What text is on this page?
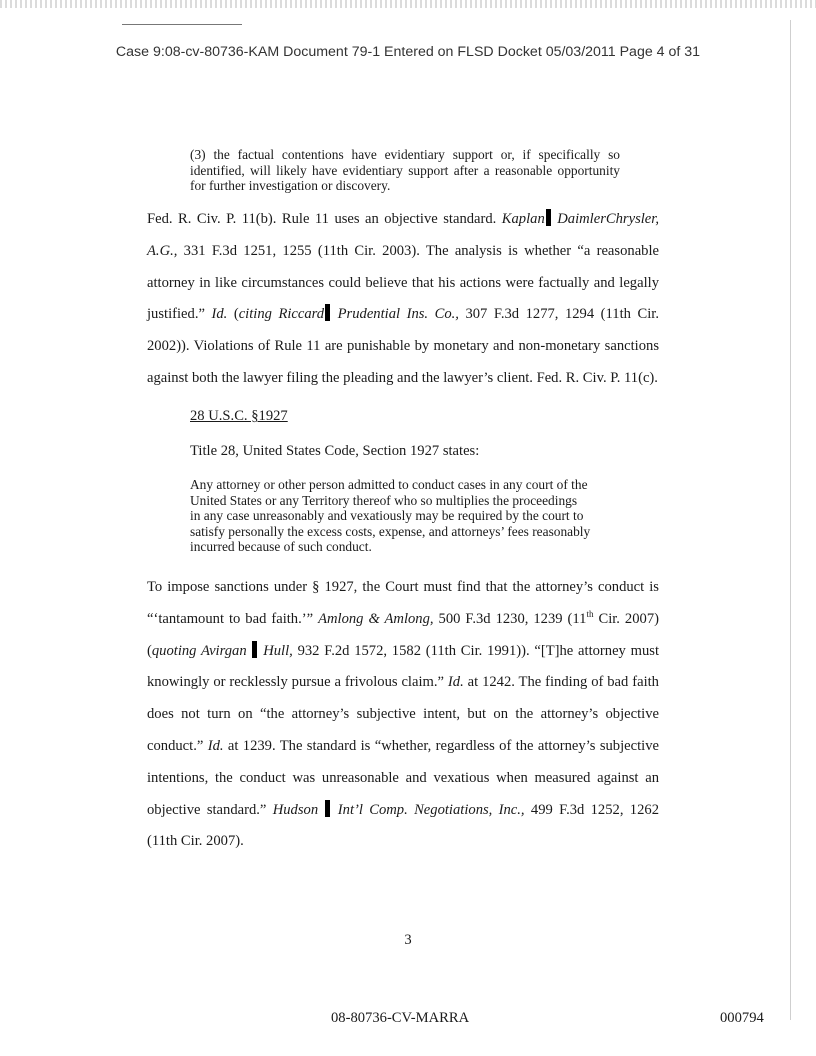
Case 9:08-cv-80736-KAM Document 79-1 Entered on FLSD Docket 05/03/2011 Page 4 of 31

(3) the factual contentions have evidentiary support or, if specifically so identified, will likely have evidentiary support after a reasonable opportunity for further investigation or discovery.

Fed. R. Civ. P. 11(b). Rule 11 uses an objective standard. Kaplan DaimlerChrysler, A.G., 331 F.3d 1251, 1255 (11th Cir. 2003). The analysis is whether “a reasonable attorney in like circumstances could believe that his actions were factually and legally justified.” Id. (citing Riccard Prudential Ins. Co., 307 F.3d 1277, 1294 (11th Cir. 2002)). Violations of Rule 11 are punishable by monetary and non-monetary sanctions against both the lawyer filing the pleading and the lawyer’s client. Fed. R. Civ. P. 11(c).

28 U.S.C. §1927

Title 28, United States Code, Section 1927 states:

Any attorney or other person admitted to conduct cases in any court of the
United States or any Territory thereof who so multiplies the proceedings
in any case unreasonably and vexatiously may be required by the court to
satisfy personally the excess costs, expense, and attorneys’ fees reasonably
incurred because of such conduct.

To impose sanctions under § 1927, the Court must find that the attorney’s conduct is “‘tantamount to bad faith.’” Amlong & Amlong, 500 F.3d 1230, 1239 (11th Cir. 2007) (quoting Avirgan Hull, 932 F.2d 1572, 1582 (11th Cir. 1991)). “[T]he attorney must knowingly or recklessly pursue a frivolous claim.” Id. at 1242. The finding of bad faith does not turn on “the attorney’s subjective intent, but on the attorney’s objective conduct.” Id. at 1239. The standard is “whether, regardless of the attorney’s subjective intentions, the conduct was unreasonable and vexatious when measured against an objective standard.” Hudson Int’l Comp. Negotiations, Inc., 499 F.3d 1252, 1262 (11th Cir. 2007).

3
08-80736-CV-MARRA	000794
